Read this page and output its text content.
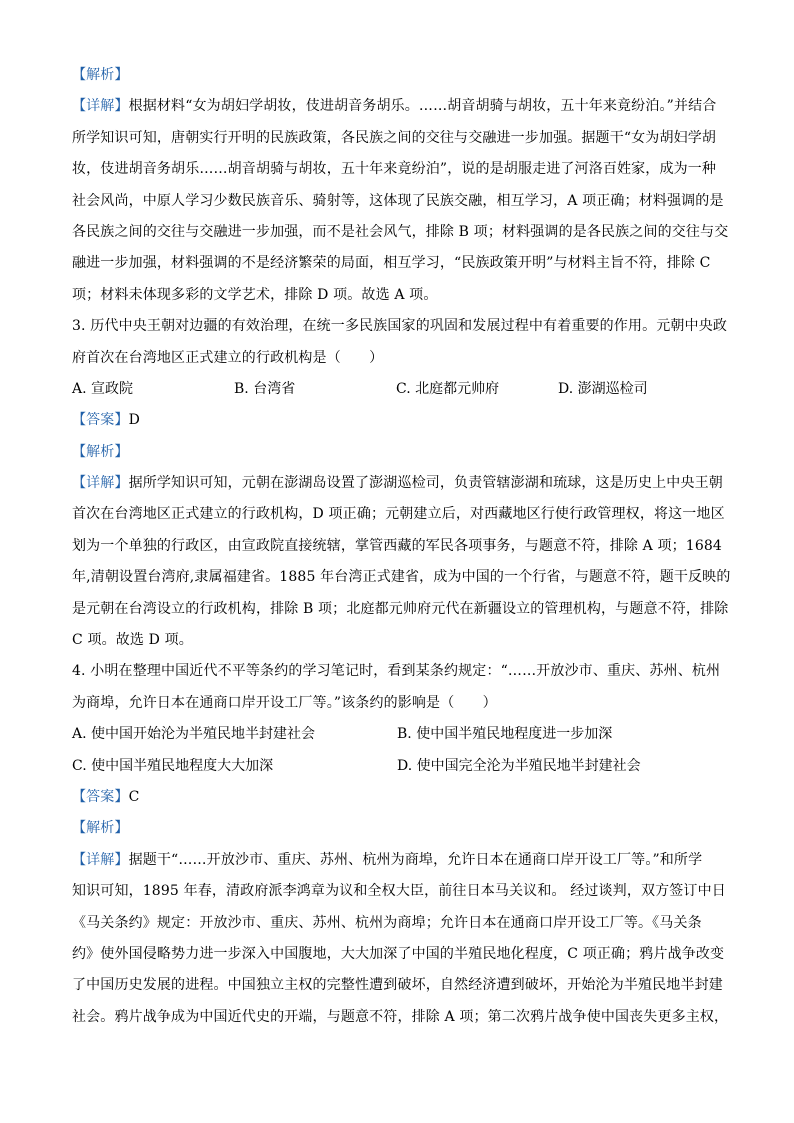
【解析】
【详解】根据材料“女为胡妇学胡妆，伎进胡音务胡乐。……胡音胡骑与胡妆，五十年来竟纷泊。”并结合
所学知识可知，唐朝实行开明的民族政策，各民族之间的交往与交融进一步加强。据题干“女为胡妇学胡
妆，伎进胡音务胡乐……胡音胡骑与胡妆，五十年来竟纷泊”，说的是胡服走进了河洛百姓家，成为一种
社会风尚，中原人学习少数民族音乐、骑射等，这体现了民族交融，相互学习，A 项正确；材料强调的是
各民族之间的交往与交融进一步加强，而不是社会风气，排除 B 项；材料强调的是各民族之间的交往与交
融进一步加强，材料强调的不是经济繁荣的局面，相互学习，“民族政策开明”与材料主旨不符，排除 C
项；材料未体现多彩的文学艺术，排除 D 项。故选 A 项。
3. 历代中央王朝对边疆的有效治理，在统一多民族国家的巩固和发展过程中有着重要的作用。元朝中央政
府首次在台湾地区正式建立的行政机构是（　　）
A. 宣政院	B. 台湾省	C. 北庭都元帅府	D. 澎湖巡检司
【答案】D
【解析】
【详解】据所学知识可知，元朝在澎湖岛设置了澎湖巡检司，负责管辖澎湖和琉球，这是历史上中央王朝
首次在台湾地区正式建立的行政机构，D 项正确；元朝建立后，对西藏地区行使行政管理权，将这一地区
划为一个单独的行政区，由宣政院直接统辖，掌管西藏的军民各项事务，与题意不符，排除 A 项；1684
年,清朝设置台湾府,隶属福建省。1885 年台湾正式建省，成为中国的一个行省，与题意不符，题干反映的
是元朝在台湾设立的行政机构，排除 B 项；北庭都元帅府元代在新疆设立的管理机构，与题意不符，排除
C 项。故选 D 项。
4. 小明在整理中国近代不平等条约的学习笔记时，看到某条约规定：“……开放沙市、重庆、苏州、杭州
为商埠，允许日本在通商口岸开设工厂等。”该条约的影响是（　　）
A. 使中国开始沦为半殖民地半封建社会	B. 使中国半殖民地程度进一步加深
C. 使中国半殖民地程度大大加深	D. 使中国完全沦为半殖民地半封建社会
【答案】C
【解析】
【详解】据题干“……开放沙市、重庆、苏州、杭州为商埠，允许日本在通商口岸开设工厂等。”和所学
知识可知，1895 年春，清政府派李鸿章为议和全权大臣，前往日本马关议和。 经过谈判，双方签订中日
《马关条约》规定：开放沙市、重庆、苏州、杭州为商埠；允许日本在通商口岸开设工厂等。《马关条
约》使外国侵略势力进一步深入中国腹地，大大加深了中国的半殖民地化程度，C 项正确；鸦片战争改变
了中国历史发展的进程。中国独立主权的完整性遭到破坏，自然经济遭到破坏，开始沦为半殖民地半封建
社会。鸦片战争成为中国近代史的开端，与题意不符，排除 A 项；第二次鸦片战争使中国丧失更多主权，
